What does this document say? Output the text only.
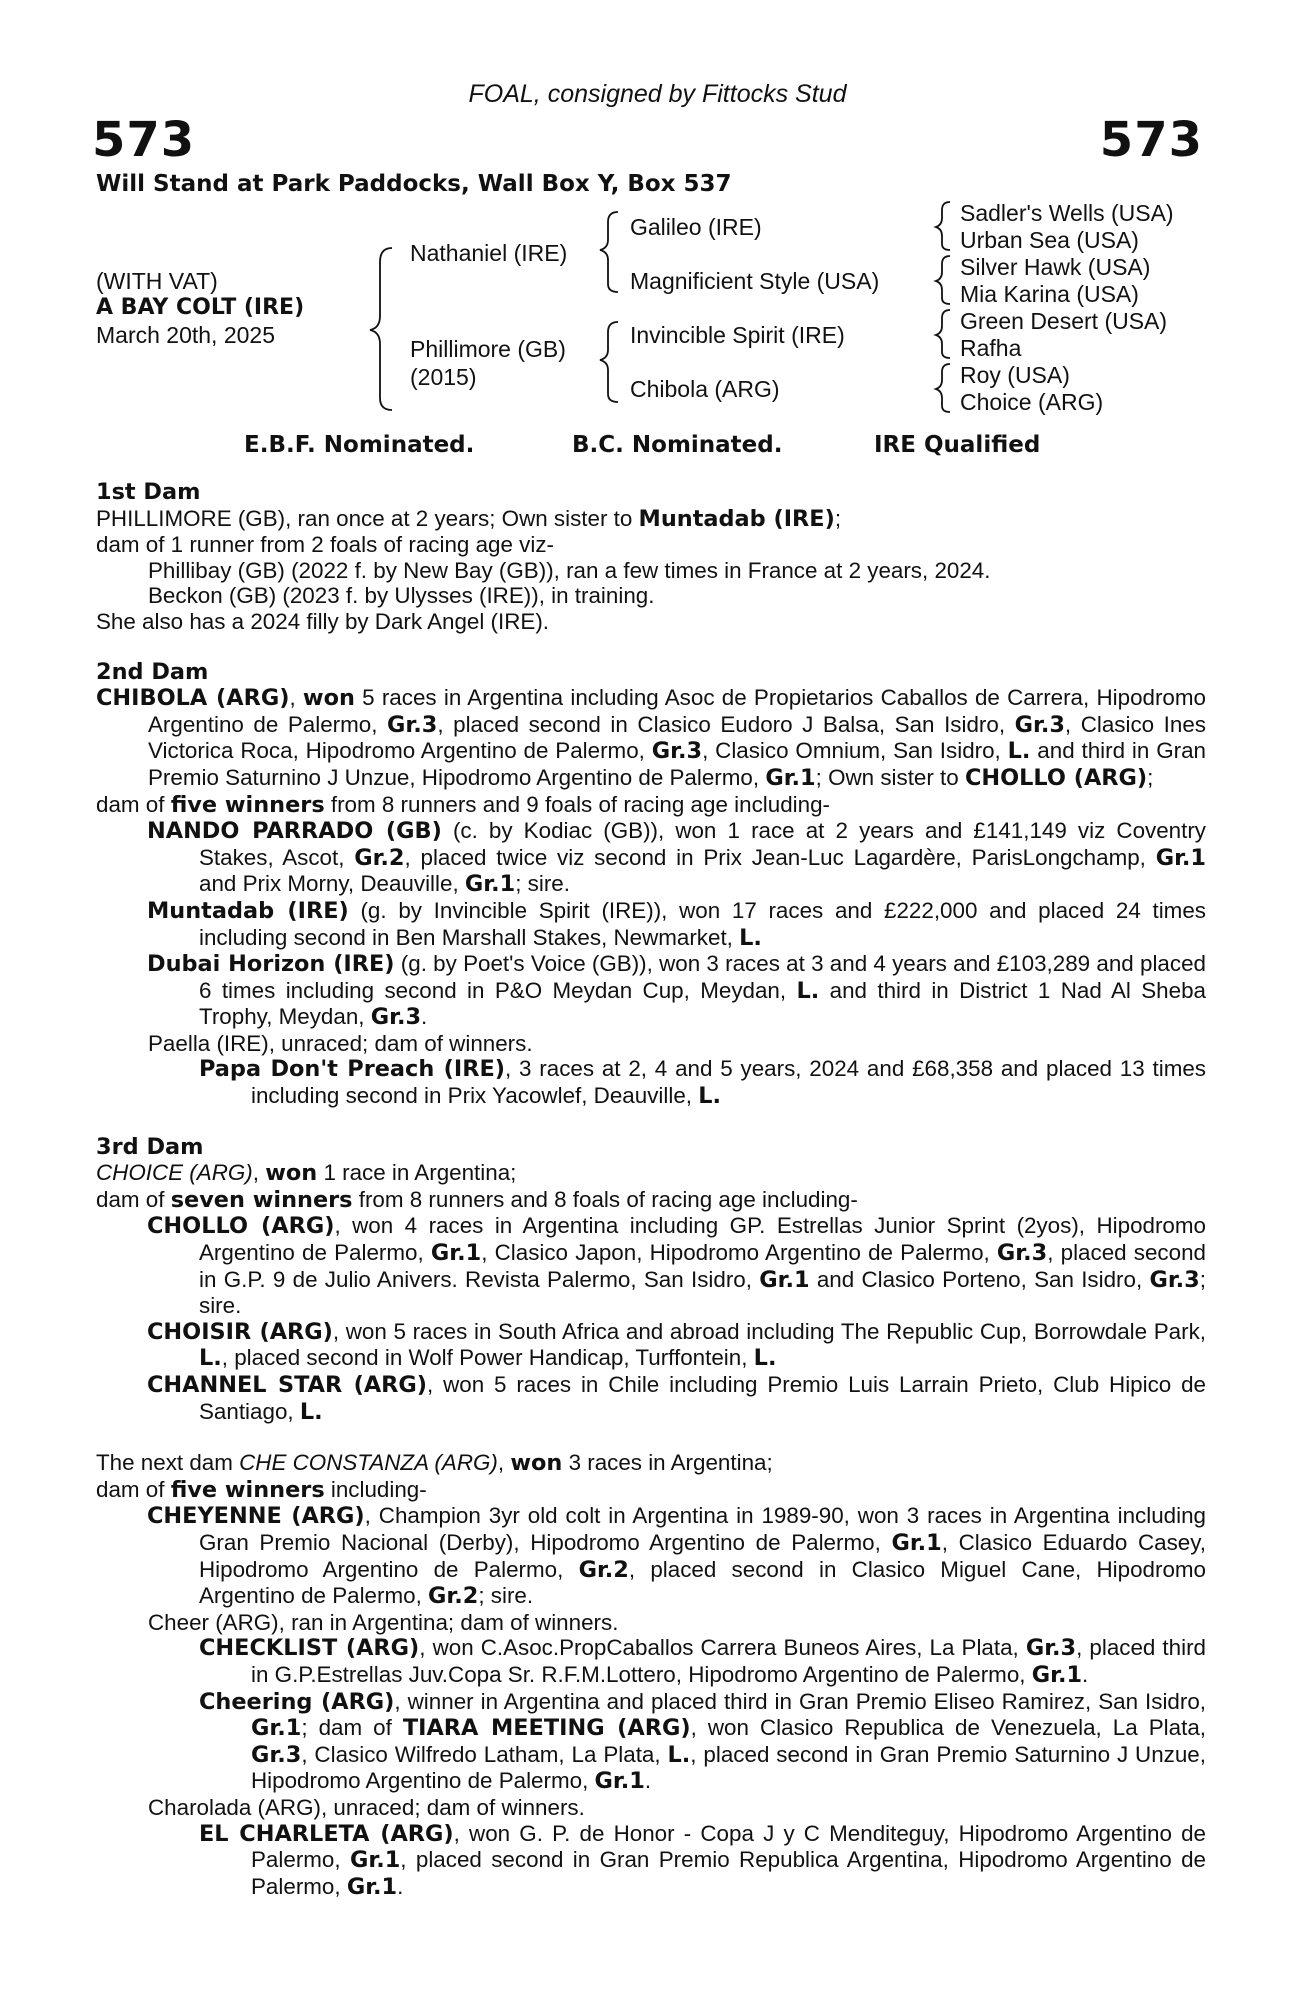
FOAL, consigned by Fittocks Stud
573	573
Will Stand at Park Paddocks, Wall Box Y, Box 537
(WITH VAT)
A BAY COLT (IRE)
March 20th, 2025
Nathaniel (IRE)
Phillimore (GB)
(2015)
Galileo (IRE)
Magnificient Style (USA)
Invincible Spirit (IRE)
Chibola (ARG)
Sadler's Wells (USA)
Urban Sea (USA)
Silver Hawk (USA)
Mia Karina (USA)
Green Desert (USA)
Rafha
Roy (USA)
Choice (ARG)
E.B.F. Nominated.	B.C. Nominated.	IRE Qualified

1st Dam

PHILLIMORE (GB), ran once at 2 years; Own sister to Muntadab (IRE);

dam of 1 runner from 2 foals of racing age viz-

Phillibay (GB) (2022 f. by New Bay (GB)), ran a few times in France at 2 years, 2024.

Beckon (GB) (2023 f. by Ulysses (IRE)), in training.

She also has a 2024 filly by Dark Angel (IRE).

2nd Dam

CHIBOLA (ARG), won 5 races in Argentina including Asoc de Propietarios Caballos de Carrera, Hipodromo Argentino de Palermo, Gr.3, placed second in Clasico Eudoro J Balsa, San Isidro, Gr.3, Clasico Ines Victorica Roca, Hipodromo Argentino de Palermo, Gr.3, Clasico Omnium, San Isidro, L. and third in Gran Premio Saturnino J Unzue, Hipodromo Argentino de Palermo, Gr.1; Own sister to CHOLLO (ARG);

dam of five winners from 8 runners and 9 foals of racing age including-

NANDO PARRADO (GB) (c. by Kodiac (GB)), won 1 race at 2 years and £141,149 viz Coventry Stakes, Ascot, Gr.2, placed twice viz second in Prix Jean-Luc Lagardère, ParisLongchamp, Gr.1 and Prix Morny, Deauville, Gr.1; sire.

Muntadab (IRE) (g. by Invincible Spirit (IRE)), won 17 races and £222,000 and placed 24 times including second in Ben Marshall Stakes, Newmarket, L.

Dubai Horizon (IRE) (g. by Poet's Voice (GB)), won 3 races at 3 and 4 years and £103,289 and placed 6 times including second in P&O Meydan Cup, Meydan, L. and third in District 1 Nad Al Sheba Trophy, Meydan, Gr.3.

Paella (IRE), unraced; dam of winners.

Papa Don't Preach (IRE), 3 races at 2, 4 and 5 years, 2024 and £68,358 and placed 13 times including second in Prix Yacowlef, Deauville, L.

3rd Dam

CHOICE (ARG), won 1 race in Argentina;

dam of seven winners from 8 runners and 8 foals of racing age including-

CHOLLO (ARG), won 4 races in Argentina including GP. Estrellas Junior Sprint (2yos), Hipodromo Argentino de Palermo, Gr.1, Clasico Japon, Hipodromo Argentino de Palermo, Gr.3, placed second in G.P. 9 de Julio Anivers. Revista Palermo, San Isidro, Gr.1 and Clasico Porteno, San Isidro, Gr.3; sire.

CHOISIR (ARG), won 5 races in South Africa and abroad including The Republic Cup, Borrowdale Park, L., placed second in Wolf Power Handicap, Turffontein, L.

CHANNEL STAR (ARG), won 5 races in Chile including Premio Luis Larrain Prieto, Club Hipico de Santiago, L.

The next dam CHE CONSTANZA (ARG), won 3 races in Argentina;

dam of five winners including-

CHEYENNE (ARG), Champion 3yr old colt in Argentina in 1989-90, won 3 races in Argentina including Gran Premio Nacional (Derby), Hipodromo Argentino de Palermo, Gr.1, Clasico Eduardo Casey, Hipodromo Argentino de Palermo, Gr.2, placed second in Clasico Miguel Cane, Hipodromo Argentino de Palermo, Gr.2; sire.

Cheer (ARG), ran in Argentina; dam of winners.

CHECKLIST (ARG), won C.Asoc.PropCaballos Carrera Buneos Aires, La Plata, Gr.3, placed third in G.P.Estrellas Juv.Copa Sr. R.F.M.Lottero, Hipodromo Argentino de Palermo, Gr.1.

Cheering (ARG), winner in Argentina and placed third in Gran Premio Eliseo Ramirez, San Isidro, Gr.1; dam of TIARA MEETING (ARG), won Clasico Republica de Venezuela, La Plata, Gr.3, Clasico Wilfredo Latham, La Plata, L., placed second in Gran Premio Saturnino J Unzue, Hipodromo Argentino de Palermo, Gr.1.

Charolada (ARG), unraced; dam of winners.

EL CHARLETA (ARG), won G. P. de Honor - Copa J y C Menditeguy, Hipodromo Argentino de Palermo, Gr.1, placed second in Gran Premio Republica Argentina, Hipodromo Argentino de Palermo, Gr.1.
